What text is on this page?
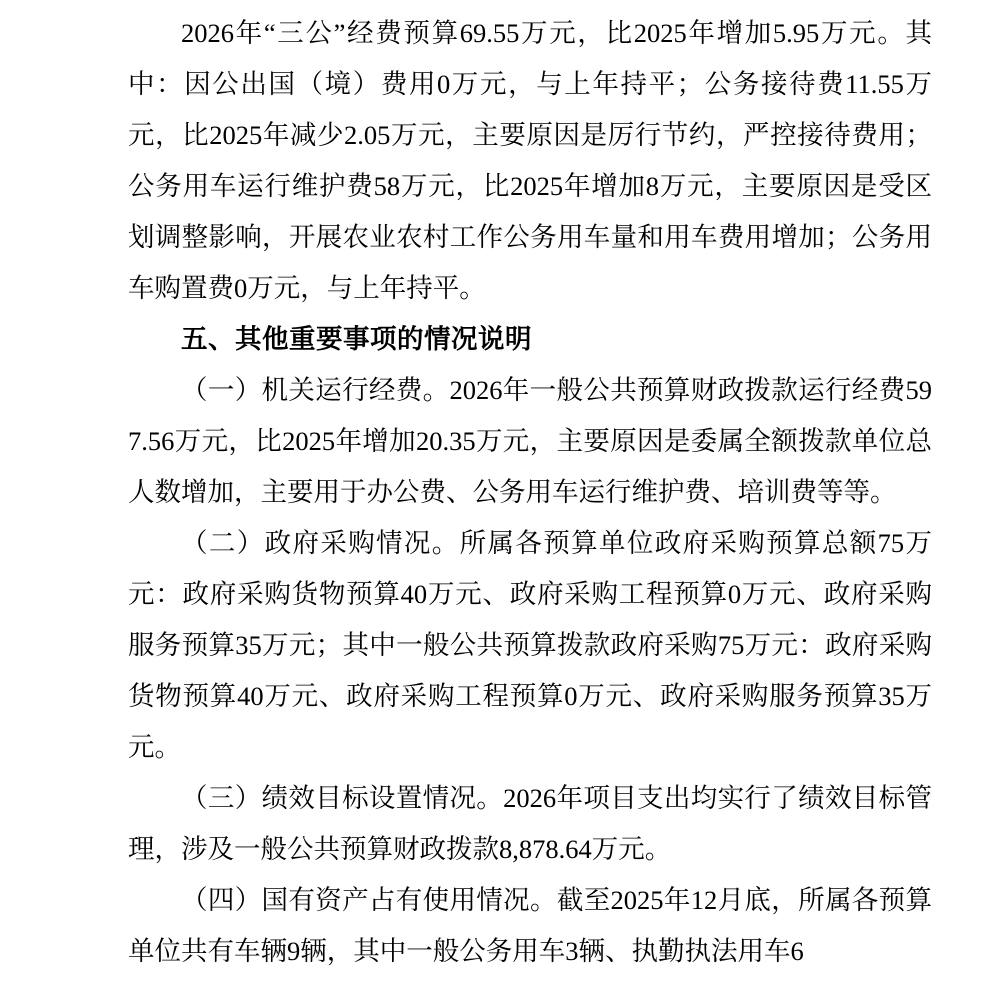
2026年“三公”经费预算69.55万元，比2025年增加5.95万元。其中：因公出国（境）费用0万元，与上年持平；公务接待费11.55万元，比2025年减少2.05万元，主要原因是厉行节约，严控接待费用；公务用车运行维护费58万元，比2025年增加8万元，主要原因是受区划调整影响，开展农业农村工作公务用车量和用车费用增加；公务用车购置费0万元，与上年持平。

五、其他重要事项的情况说明

（一）机关运行经费。2026年一般公共预算财政拨款运行经费597.56万元，比2025年增加20.35万元，主要原因是委属全额拨款单位总人数增加，主要用于办公费、公务用车运行维护费、培训费等等。

（二）政府采购情况。所属各预算单位政府采购预算总额75万元：政府采购货物预算40万元、政府采购工程预算0万元、政府采购服务预算35万元；其中一般公共预算拨款政府采购75万元：政府采购货物预算40万元、政府采购工程预算0万元、政府采购服务预算35万元。

（三）绩效目标设置情况。2026年项目支出均实行了绩效目标管理，涉及一般公共预算财政拨款8,878.64万元。

（四）国有资产占有使用情况。截至2025年12月底，所属各预算单位共有车辆9辆，其中一般公务用车3辆、执勤执法用车6
